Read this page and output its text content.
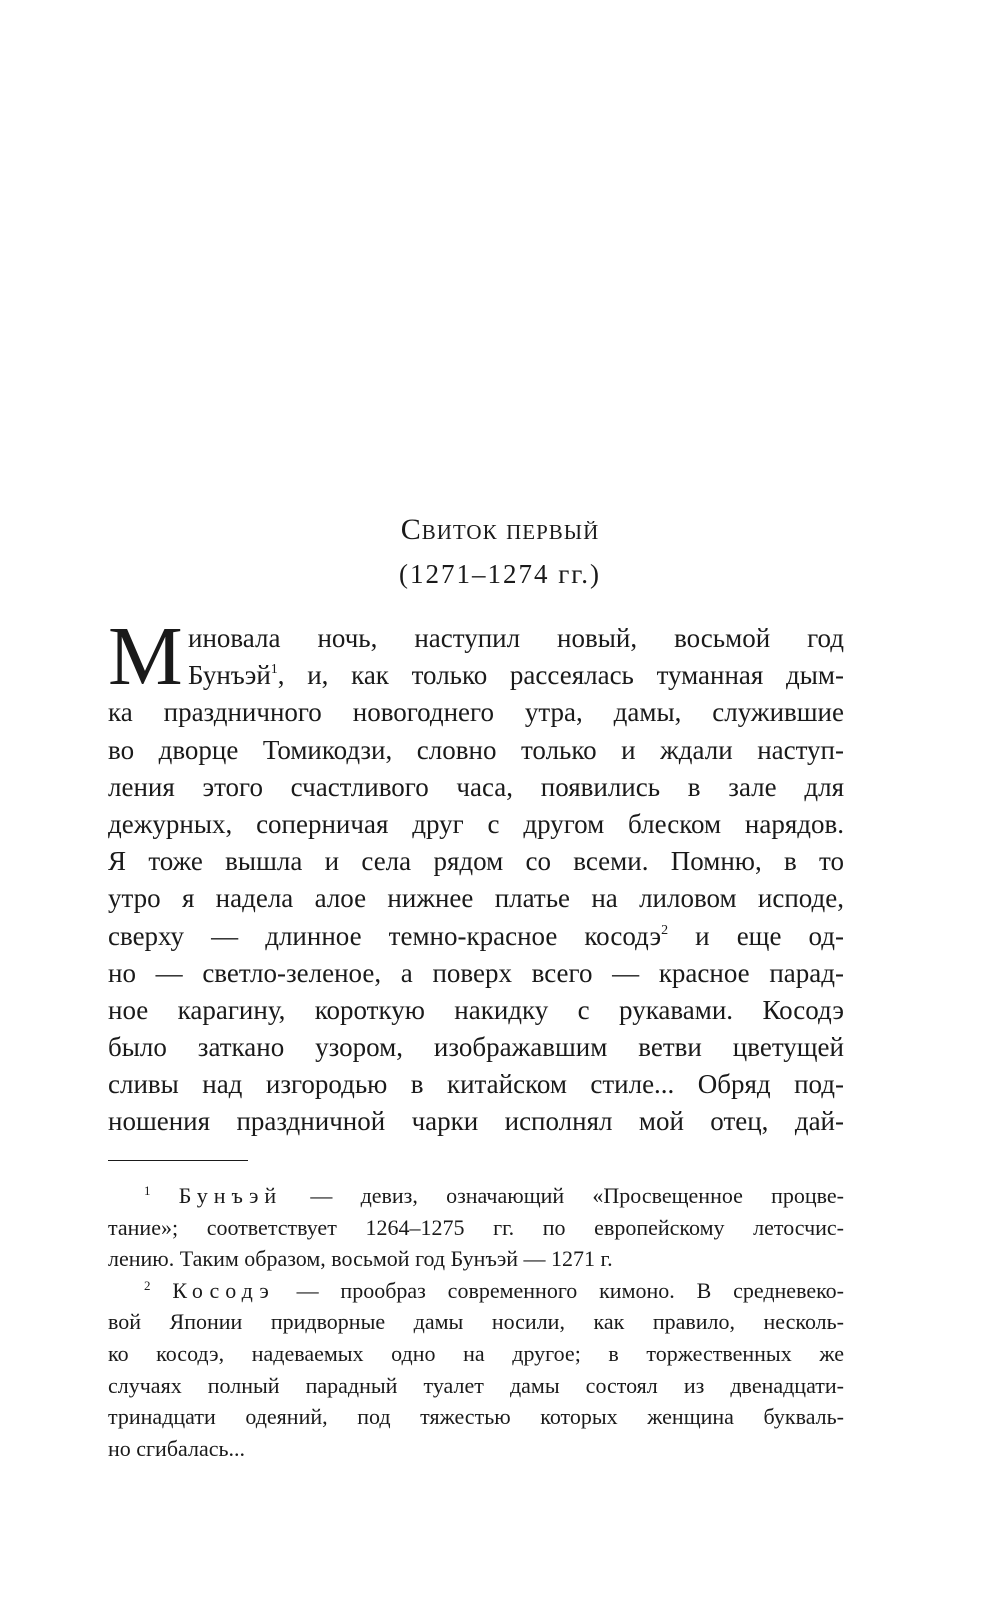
Свиток первый
(1271–1274 гг.)
М иновала ночь, наступил новый, восьмой год
Бунъэй$^1$, и, как только рассеялась туманная дым-
ка праздничного новогоднего утра, дамы, служившие
во дворце Томикодзи, словно только и ждали наступ-
ления этого счастливого часа, появились в зале для
дежурных, соперничая друг с другом блеском нарядов.
Я тоже вышла и села рядом со всеми. Помню, в то
утро я надела алое нижнее платье на лиловом исподе,
сверху — длинное темно-красное косодэ$^2$ и еще од-
но — светло-зеленое, а поверх всего — красное парад-
ное карагину, короткую накидку с рукавами. Косодэ
было заткано узором, изображавшим ветви цветущей
сливы над изгородью в китайском стиле... Обряд под-
ношения праздничной чарки исполнял мой отец, дай-
$^1$ Бунъэй — девиз, означающий «Просвещенное процве-
тание»; соответствует 1264–1275 гг. по европейскому летосчис-
лению. Таким образом, восьмой год Бунъэй — 1271 г.
$^2$ Косодэ — прообраз современного кимоно. В средневеко-
вой Японии придворные дамы носили, как правило, несколь-
ко косодэ, надеваемых одно на другое; в торжественных же
случаях полный парадный туалет дамы состоял из двенадцати-
тринадцати одеяний, под тяжестью которых женщина букваль-
но сгибалась...
